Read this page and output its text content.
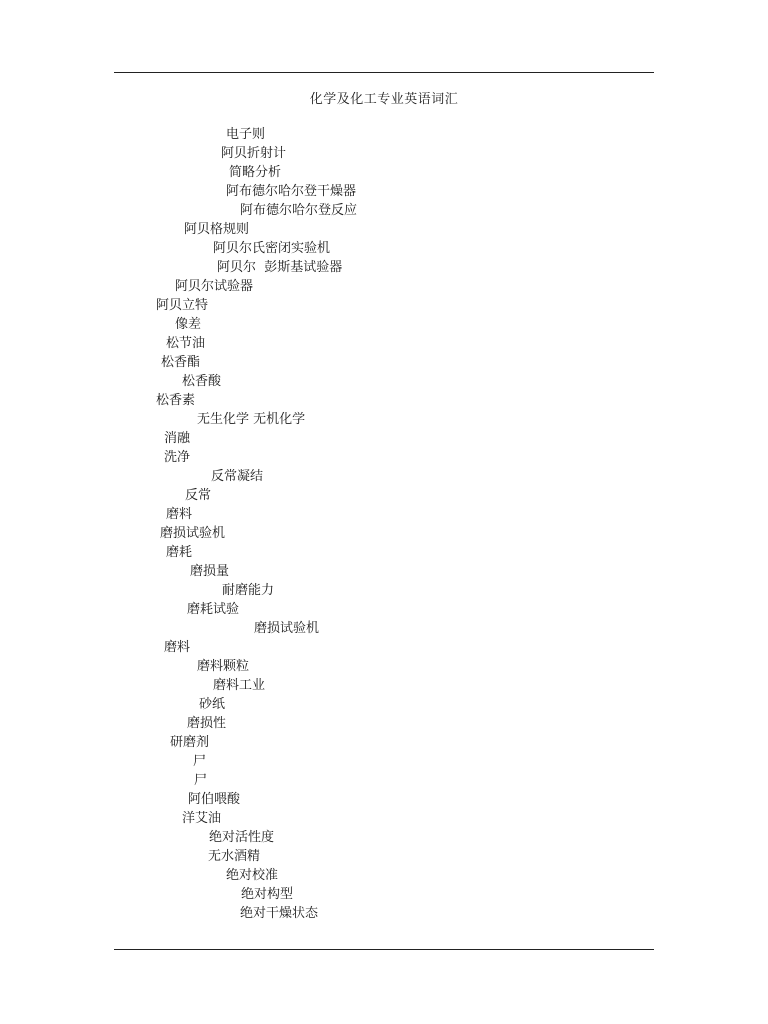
化学及化工专业英语词汇
电子则
阿贝折射计
简略分析
阿布德尔哈尔登干燥器
阿布德尔哈尔登反应
阿贝格规则
阿贝尔氏密闭实验机
阿贝尔  彭斯基试验器
阿贝尔试验器
阿贝立特
像差
松节油
松香酯
松香酸
松香素
无生化学 无机化学
消融
洗净
反常凝结
反常
磨料
磨损试验机
磨耗
磨损量
耐磨能力
磨耗试验
磨损试验机
磨料
磨料颗粒
磨料工业
砂纸
磨损性
研磨剂
尸
尸
阿伯喂酸
洋艾油
绝对活性度
无水酒精
绝对校准
绝对构型
绝对干燥状态
